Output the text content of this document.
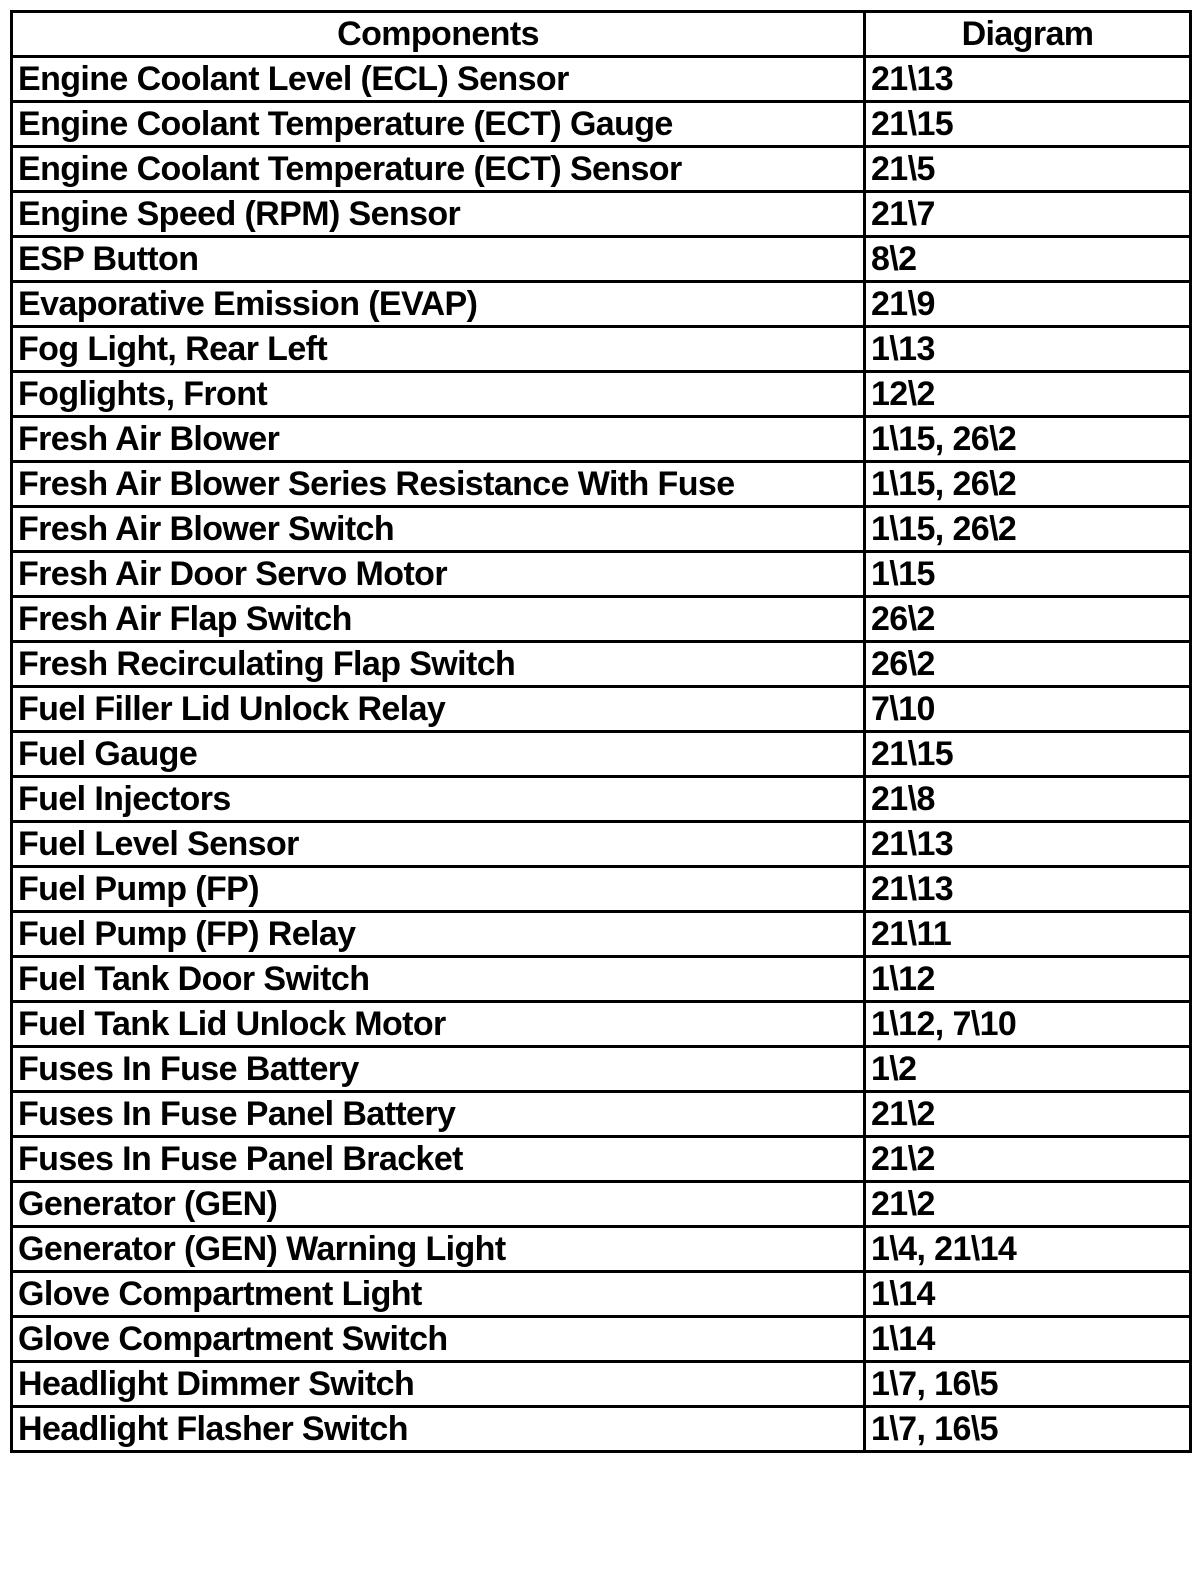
Components	Diagram
Engine Coolant Level (ECL) Sensor	21\13
Engine Coolant Temperature (ECT) Gauge	21\15
Engine Coolant Temperature (ECT) Sensor	21\5
Engine Speed (RPM) Sensor	21\7
ESP Button	8\2
Evaporative Emission (EVAP)	21\9
Fog Light, Rear Left	1\13
Foglights, Front	12\2
Fresh Air Blower	1\15, 26\2
Fresh Air Blower Series Resistance With Fuse	1\15, 26\2
Fresh Air Blower Switch	1\15, 26\2
Fresh Air Door Servo Motor	1\15
Fresh Air Flap Switch	26\2
Fresh Recirculating Flap Switch	26\2
Fuel Filler Lid Unlock Relay	7\10
Fuel Gauge	21\15
Fuel Injectors	21\8
Fuel Level Sensor	21\13
Fuel Pump (FP)	21\13
Fuel Pump (FP) Relay	21\11
Fuel Tank Door Switch	1\12
Fuel Tank Lid Unlock Motor	1\12, 7\10
Fuses In Fuse Battery	1\2
Fuses In Fuse Panel Battery	21\2
Fuses In Fuse Panel Bracket	21\2
Generator (GEN)	21\2
Generator (GEN) Warning Light	1\4, 21\14
Glove Compartment Light	1\14
Glove Compartment Switch	1\14
Headlight Dimmer Switch	1\7, 16\5
Headlight Flasher Switch	1\7, 16\5
